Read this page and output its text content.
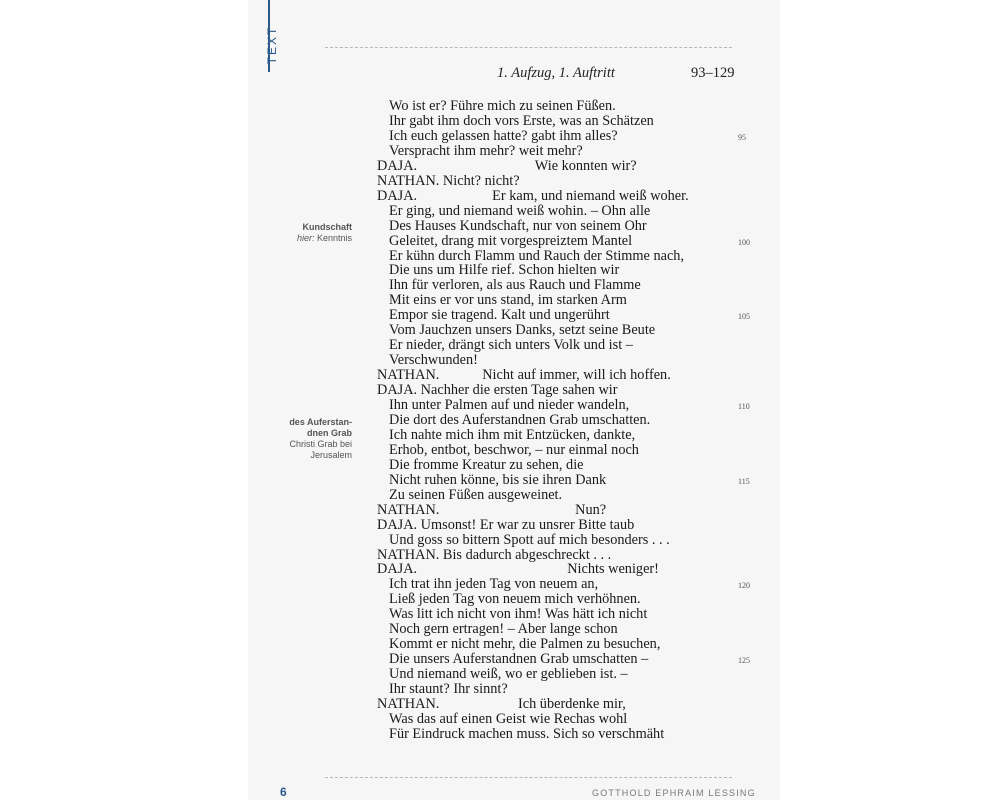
TEXT
1. Aufzug, 1. Auftritt	93–129
Kundschaft
hier: Kenntnis
des Auferstan-
dnen Grab
Christi Grab bei
Jerusalem
Wo ist er? Führe mich zu seinen Füßen.
Ihr gabt ihm doch vors Erste, was an Schätzen
Ich euch gelassen hatte? gabt ihm alles?	95
Verspracht ihm mehr? weit mehr?
DAJA.                                 Wie konnten wir?
NATHAN. Nicht? nicht?
DAJA.                     Er kam, und niemand weiß woher.
Er ging, und niemand weiß wohin. – Ohn alle
Des Hauses Kundschaft, nur von seinem Ohr
Geleitet, drang mit vorgespreiztem Mantel	100
Er kühn durch Flamm und Rauch der Stimme nach,
Die uns um Hilfe rief. Schon hielten wir
Ihn für verloren, als aus Rauch und Flamme
Mit eins er vor uns stand, im starken Arm
Empor sie tragend. Kalt und ungerührt	105
Vom Jauchzen unsers Danks, setzt seine Beute
Er nieder, drängt sich unters Volk und ist –
Verschwunden!
NATHAN.            Nicht auf immer, will ich hoffen.
DAJA. Nachher die ersten Tage sahen wir
Ihn unter Palmen auf und nieder wandeln,	110
Die dort des Auferstandnen Grab umschatten.
Ich nahte mich ihm mit Entzücken, dankte,
Erhob, entbot, beschwor, – nur einmal noch
Die fromme Kreatur zu sehen, die
Nicht ruhen könne, bis sie ihren Dank	115
Zu seinen Füßen ausgeweinet.
NATHAN.                                      Nun?
DAJA. Umsonst! Er war zu unsrer Bitte taub
Und goss so bittern Spott auf mich besonders . . .
NATHAN. Bis dadurch abgeschreckt . . .
DAJA.                                          Nichts weniger!
Ich trat ihn jeden Tag von neuem an,	120
Ließ jeden Tag von neuem mich verhöhnen.
Was litt ich nicht von ihm! Was hätt ich nicht
Noch gern ertragen! – Aber lange schon
Kommt er nicht mehr, die Palmen zu besuchen,
Die unsers Auferstandnen Grab umschatten –	125
Und niemand weiß, wo er geblieben ist. –
Ihr staunt? Ihr sinnt?
NATHAN.                      Ich überdenke mir,
Was das auf einen Geist wie Rechas wohl
Für Eindruck machen muss. Sich so verschmäht
6	GOTTHOLD EPHRAIM LESSING
